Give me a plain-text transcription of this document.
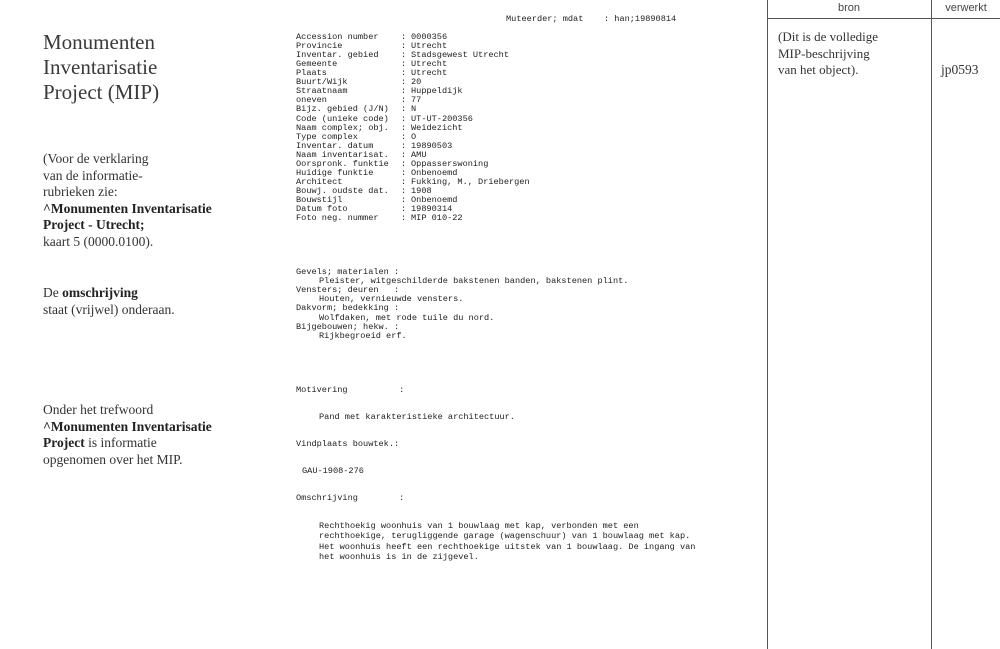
Monumenten
Inventarisatie
Project (MIP)
(Voor de verklaring
van de informatie-
rubrieken zie:
^Monumenten Inventarisatie
Project - Utrecht;
kaart 5 (0000.0100).
De omschrijving
staat (vrijwel) onderaan.
Onder het trefwoord
^Monumenten Inventarisatie
Project is informatie
opgenomen over het MIP.
Muteerder; mdat    : han;19890814

Accession number	: 0000356
Provincie	: Utrecht
Inventar. gebied	: Stadsgewest Utrecht
Gemeente	: Utrecht
Plaats	: Utrecht
Buurt/Wijk	: 20
Straatnaam	: Huppeldijk
oneven	: 77
Bijz. gebied (J/N)	: N
Code (unieke code)	: UT-UT-200356
Naam complex; obj.	: Weidezicht
Type complex	: O
Inventar. datum	: 19890503
Naam inventarisat.	: AMU
Oorspronk. funktie	: Oppasserswoning
Huidige funktie	: Onbenoemd
Architect	: Fukking, M., Driebergen
Bouwj. oudste dat.	: 1908
Bouwstijl	: Onbenoemd
Datum foto	: 19890314
Foto neg. nummer	: MIP 010-22

Gevels; materialen :
Pleister, witgeschilderde bakstenen banden, bakstenen plint.
Vensters; deuren   :
Houten, vernieuwde vensters.
Dakvorm; bedekking :
Wolfdaken, met rode tuile du nord.
Bijgebouwen; hekw. :
Rijkbegroeid erf.

Motivering          :

Pand met karakteristieke architectuur.

Vindplaats bouwtek.:

GAU-1908-276

Omschrijving        :

Rechthoekig woonhuis van 1 bouwlaag met kap, verbonden met een
rechthoekige, terugliggende garage (wagenschuur) van 1 bouwlaag met kap.
Het woonhuis heeft een rechthoekige uitstek van 1 bouwlaag. De ingang van
het woonhuis is in de zijgevel.

bron	verwerkt
(Dit is de volledige
MIP-beschrijving
van het object).	jp0593
